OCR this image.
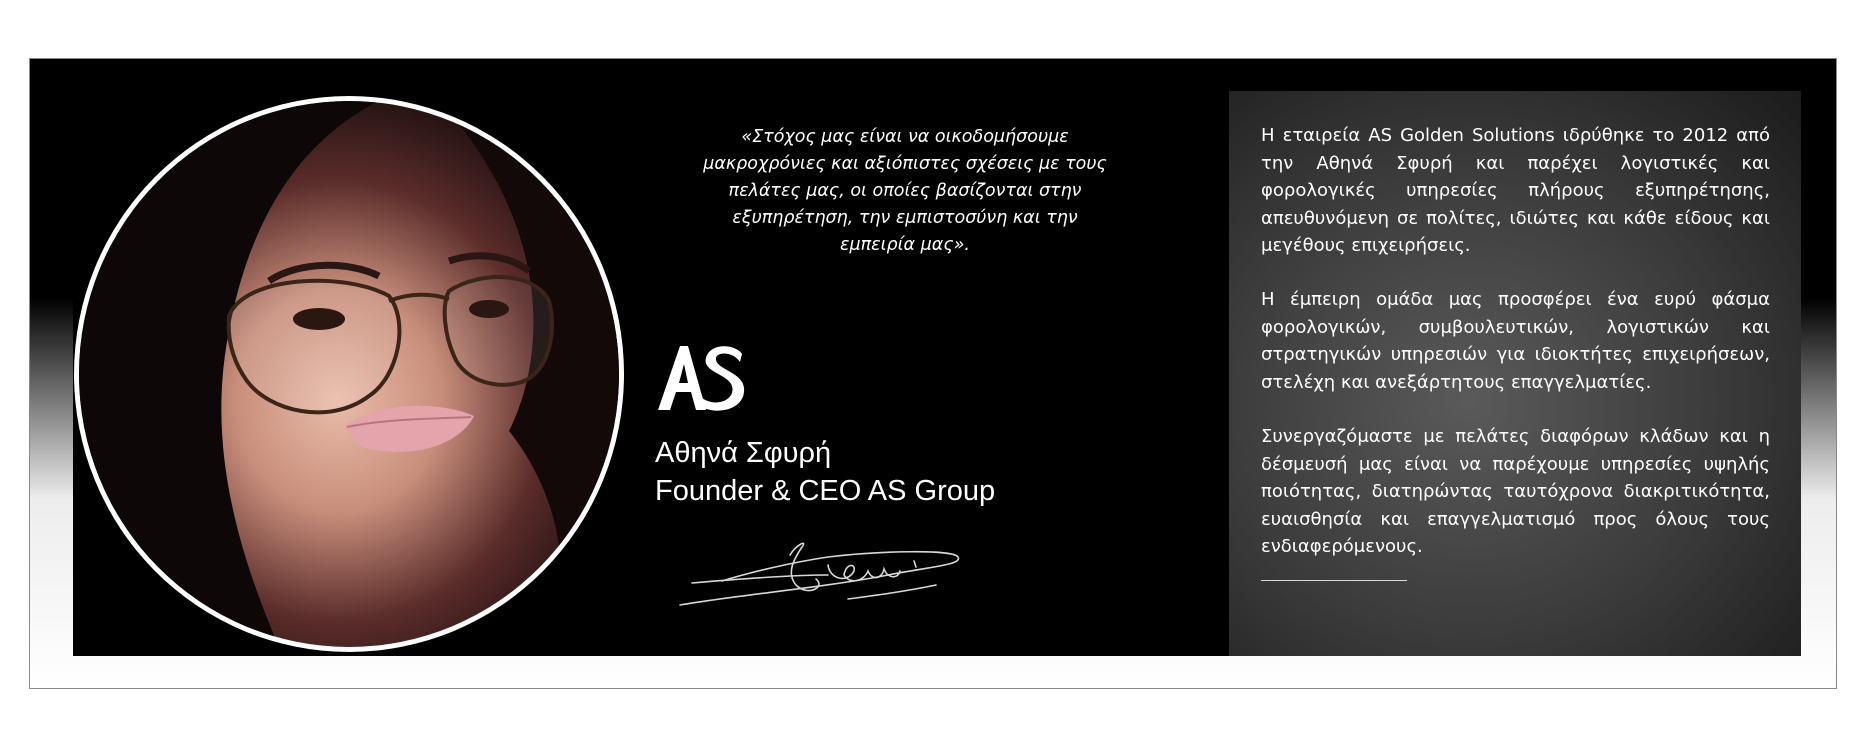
«Στόχος μας είναι να οικοδομήσουμε μακροχρόνιες και αξιόπιστες σχέσεις με τους πελάτες μας, οι οποίες βασίζονται στην εξυπηρέτηση, την εμπιστοσύνη και την εμπειρία μας».
Αθηνά Σφυρή
Founder & CEO AS Group

Η εταιρεία AS Golden Solutions ιδρύθηκε το 2012 από την Αθηνά Σφυρή και παρέχει λογιστικές και φορολογικές υπηρεσίες πλήρους εξυπηρέτησης, απευθυνόμενη σε πολίτες, ιδιώτες και κάθε είδους και μεγέθους επιχειρήσεις.

Η έμπειρη ομάδα μας προσφέρει ένα ευρύ φάσμα φορολογικών, συμβουλευτικών, λογιστικών και στρατηγικών υπηρεσιών για ιδιοκτήτες επιχειρήσεων, στελέχη και ανεξάρτητους επαγγελματίες.

Συνεργαζόμαστε με πελάτες διαφόρων κλάδων και η δέσμευσή μας είναι να παρέχουμε υπηρεσίες υψηλής ποιότητας, διατηρώντας ταυτόχρονα διακριτικότητα, ευαισθησία και επαγγελματισμό προς όλους τους ενδιαφερόμενους.
